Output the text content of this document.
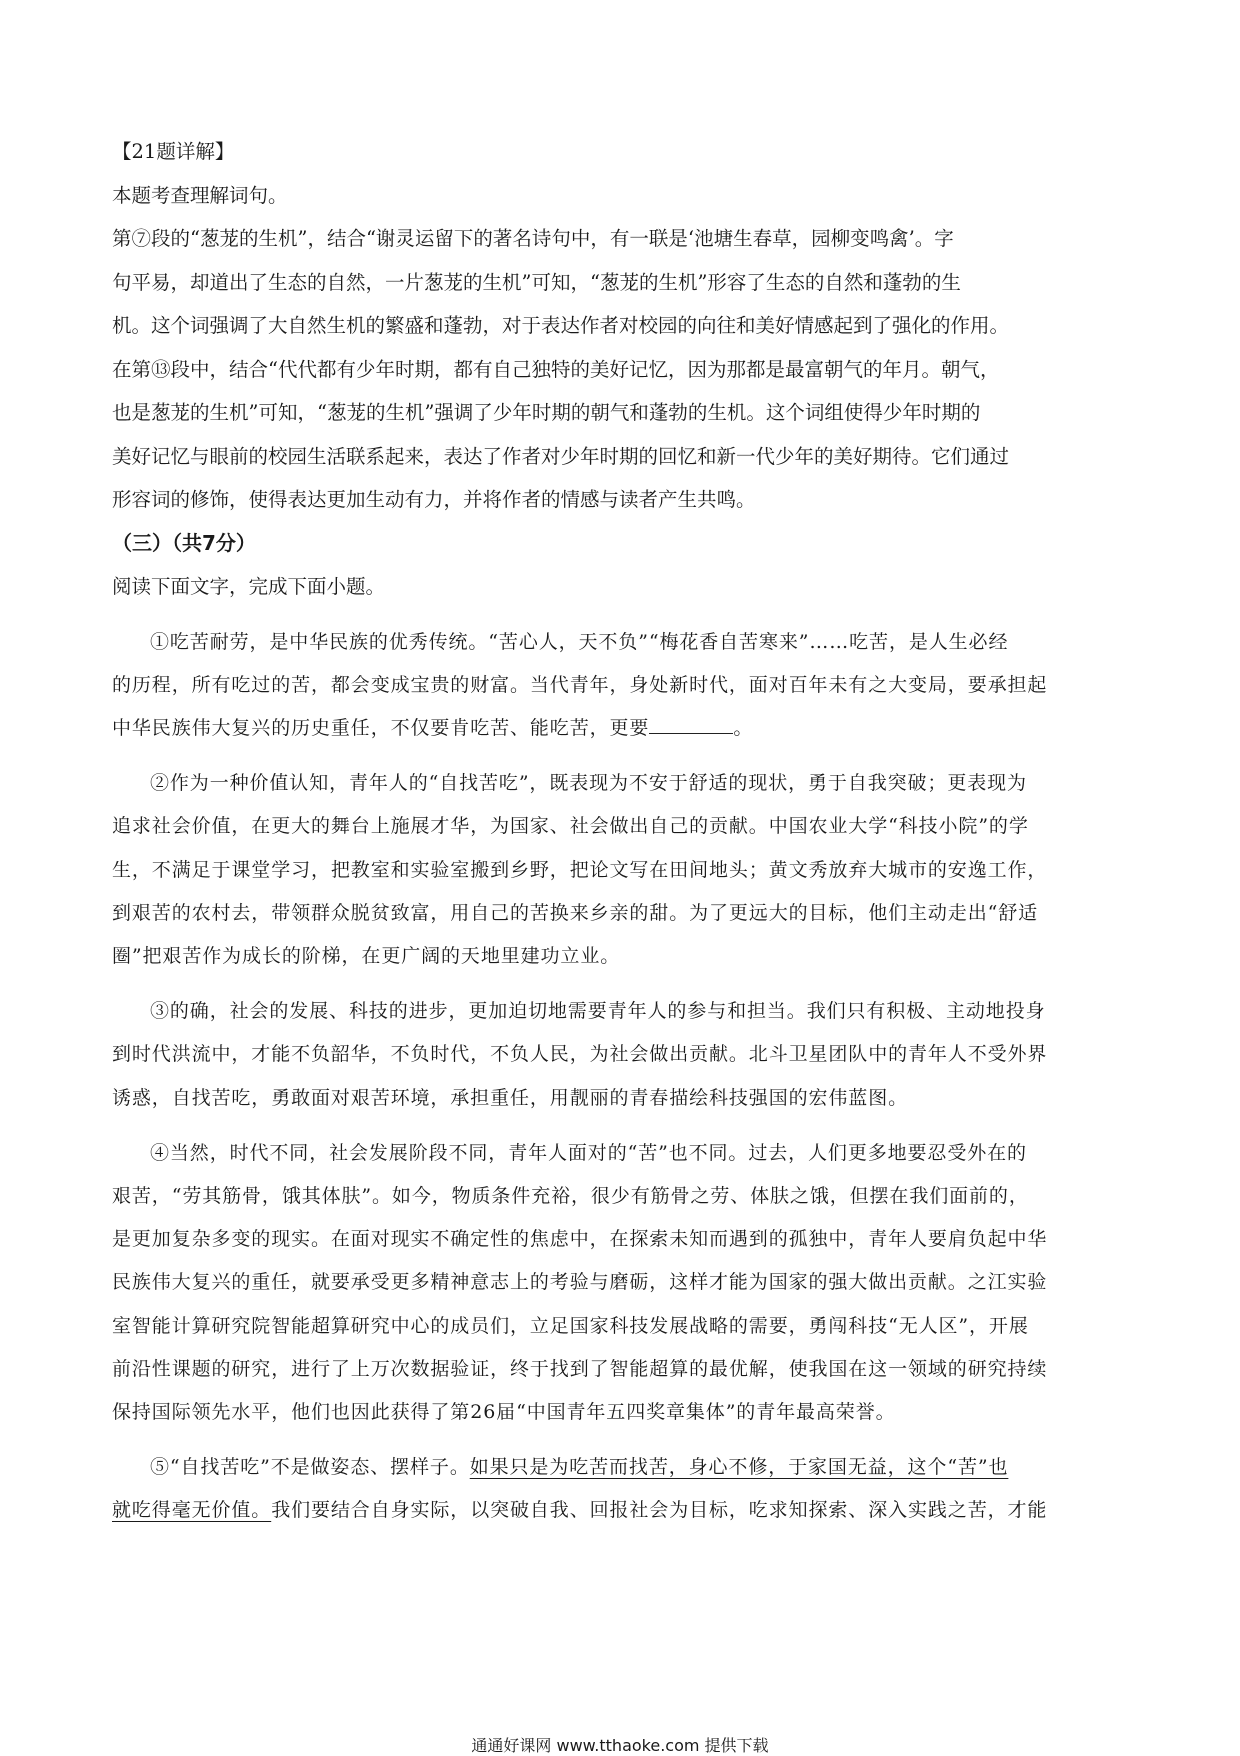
【21题详解】

本题考查理解词句。

第⑦段的“葱茏的生机”，结合“谢灵运留下的著名诗句中，有一联是‘池塘生春草，园柳变鸣禽’。字

句平易，却道出了生态的自然，一片葱茏的生机”可知，“葱茏的生机”形容了生态的自然和蓬勃的生

机。这个词强调了大自然生机的繁盛和蓬勃，对于表达作者对校园的向往和美好情感起到了强化的作用。

在第⑬段中，结合“代代都有少年时期，都有自己独特的美好记忆，因为那都是最富朝气的年月。朝气，

也是葱茏的生机”可知，“葱茏的生机”强调了少年时期的朝气和蓬勃的生机。这个词组使得少年时期的

美好记忆与眼前的校园生活联系起来，表达了作者对少年时期的回忆和新一代少年的美好期待。它们通过

形容词的修饰，使得表达更加生动有力，并将作者的情感与读者产生共鸣。

（三）（共7分）

阅读下面文字，完成下面小题。

①吃苦耐劳，是中华民族的优秀传统。“苦心人，天不负”“梅花香自苦寒来”……吃苦，是人生必经

的历程，所有吃过的苦，都会变成宝贵的财富。当代青年，身处新时代，面对百年未有之大变局，要承担起

中华民族伟大复兴的历史重任，不仅要肯吃苦、能吃苦，更要	。

②作为一种价值认知，青年人的“自找苦吃”，既表现为不安于舒适的现状，勇于自我突破；更表现为

追求社会价值，在更大的舞台上施展才华，为国家、社会做出自己的贡献。中国农业大学“科技小院”的学

生，不满足于课堂学习，把教室和实验室搬到乡野，把论文写在田间地头；黄文秀放弃大城市的安逸工作，

到艰苦的农村去，带领群众脱贫致富，用自己的苦换来乡亲的甜。为了更远大的目标，他们主动走出“舒适

圈”把艰苦作为成长的阶梯，在更广阔的天地里建功立业。

③的确，社会的发展、科技的进步，更加迫切地需要青年人的参与和担当。我们只有积极、主动地投身

到时代洪流中，才能不负韶华，不负时代，不负人民，为社会做出贡献。北斗卫星团队中的青年人不受外界

诱惑，自找苦吃，勇敢面对艰苦环境，承担重任，用靓丽的青春描绘科技强国的宏伟蓝图。

④当然，时代不同，社会发展阶段不同，青年人面对的“苦”也不同。过去，人们更多地要忍受外在的

艰苦，“劳其筋骨，饿其体肤”。如今，物质条件充裕，很少有筋骨之劳、体肤之饿，但摆在我们面前的，

是更加复杂多变的现实。在面对现实不确定性的焦虑中，在探索未知而遇到的孤独中，青年人要肩负起中华

民族伟大复兴的重任，就要承受更多精神意志上的考验与磨砺，这样才能为国家的强大做出贡献。之江实验

室智能计算研究院智能超算研究中心的成员们，立足国家科技发展战略的需要，勇闯科技“无人区”，开展

前沿性课题的研究，进行了上万次数据验证，终于找到了智能超算的最优解，使我国在这一领域的研究持续

保持国际领先水平，他们也因此获得了第26届“中国青年五四奖章集体”的青年最高荣誉。

⑤“自找苦吃”不是做姿态、摆样子。如果只是为吃苦而找苦，身心不修，于家国无益，这个“苦”也

就吃得毫无价值。我们要结合自身实际，以突破自我、回报社会为目标，吃求知探索、深入实践之苦，才能

通通好课网 www.tthaoke.com 提供下载
